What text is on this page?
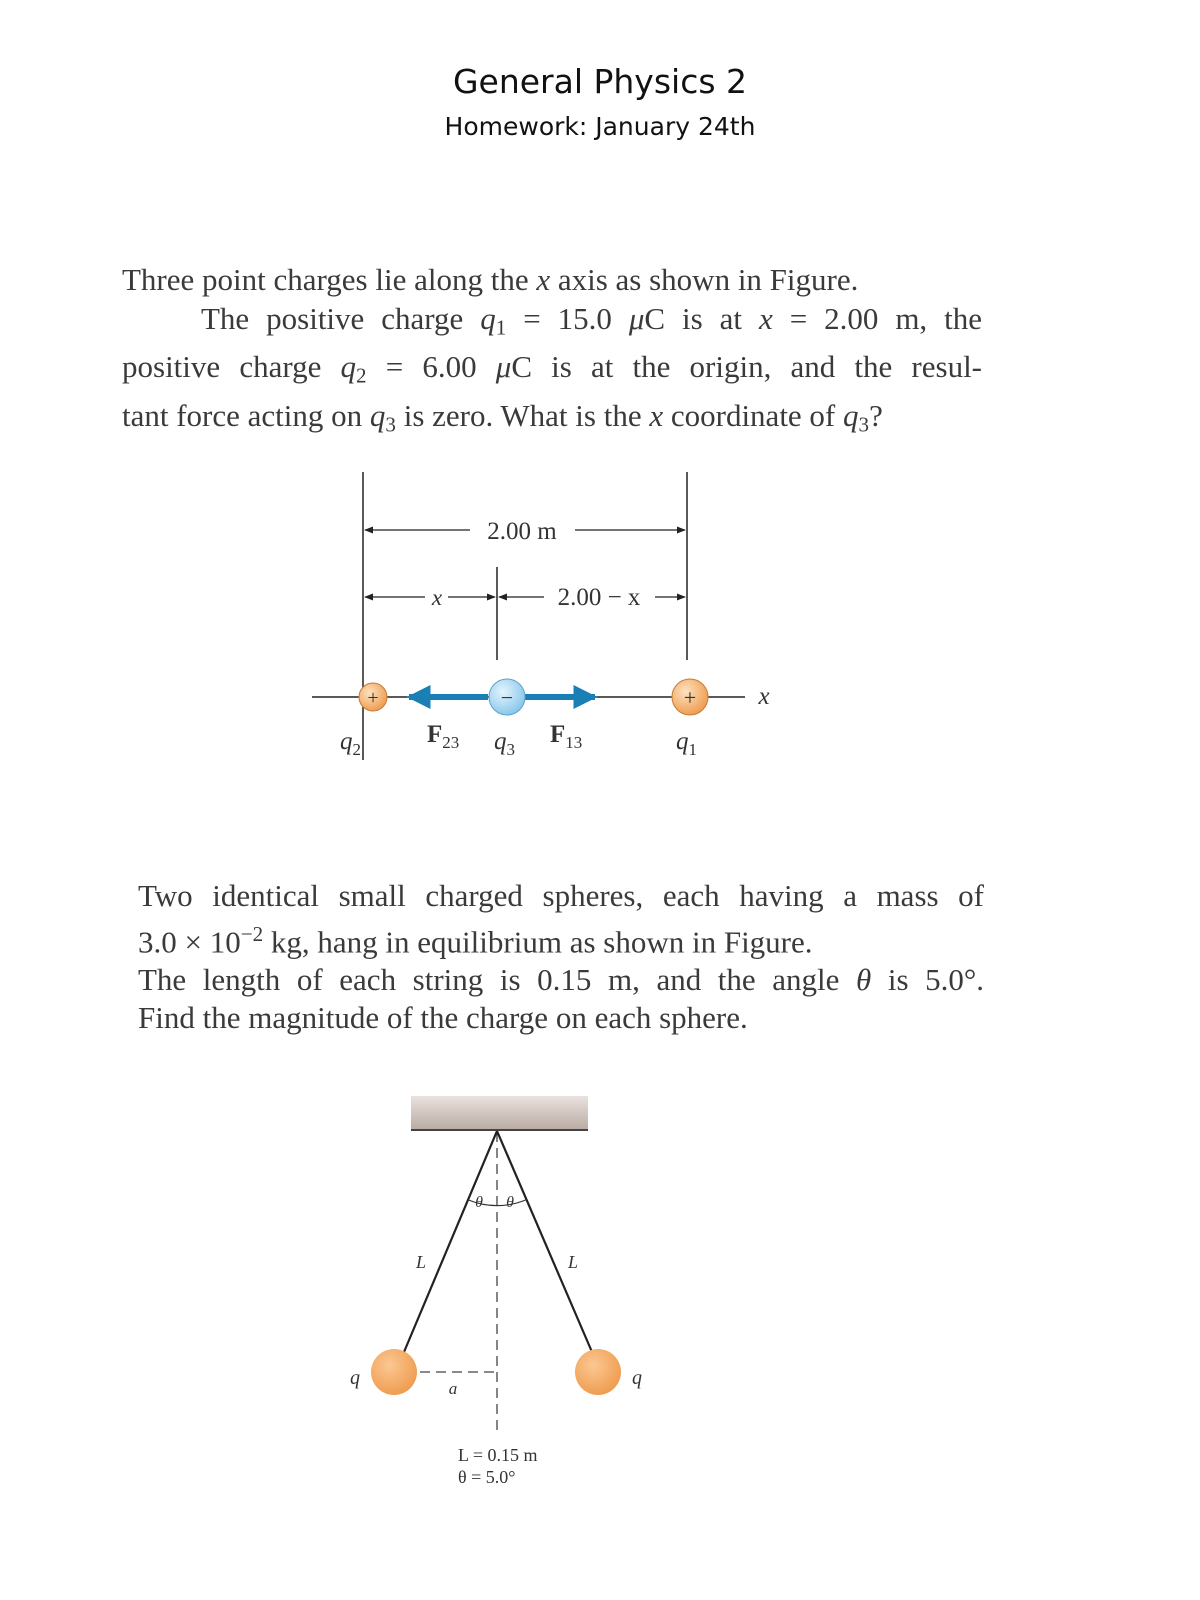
General Physics 2
Homework: January 24th
Three point charges lie along the x axis as shown in Figure.
The positive charge $q_1 = 15.0$ μC is at x = 2.00 m, the
positive charge $q_2 = 6.00$ μC is at the origin, and the resul-
tant force acting on $q_3$ is zero. What is the x coordinate of $q_3$?
Two identical small charged spheres, each having a mass of
$3.0 \times 10^{-2}$ kg, hang in equilibrium as shown in Figure.
The length of each string is 0.15 m, and the angle θ is 5.0°.
Find the magnitude of the charge on each sphere.
2.00 m
x	2.00 − x
x
+	−	+
$q_2$
$F_{23}$ $q_3$
$F_{13}$	$q_1$
θ θ
L	L
q	q
a
L = 0.15 m
θ = 5.0°
